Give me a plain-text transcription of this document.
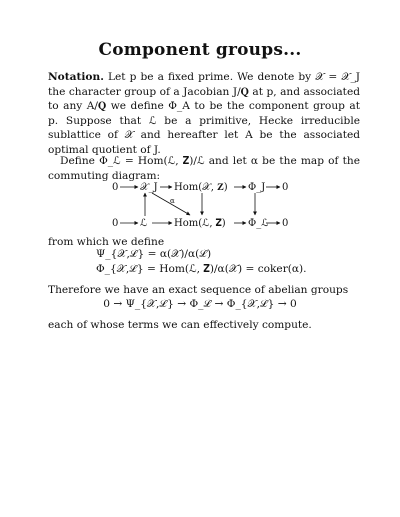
Component groups...
Notation. Let p be a fixed prime. We denote by 𝒳 = 𝒳_J the character group of a Jacobian J/𝐐 at p, and associated to any A/𝐐 we define Φ_A to be the component group at p. Suppose that ℒ be a primitive, Hecke irreducible sublattice of 𝒳 and hereafter let A be the associated optimal quotient of J.
Define Φ_ℒ = Hom(ℒ, 𝐙)/ℒ and let α be the map of the commuting diagram:
0 𝒳_J Hom(𝒳, 𝐙) Φ_J 0
α
0 ℒ	Hom(ℒ, 𝐙) Φ_ℒ 0
from which we define
Ψ_{𝒳,ℒ} = α(𝒳)/α(ℒ)
Φ_{𝒳,ℒ} = Hom(ℒ, 𝐙)/α(𝒳) = coker(α).
Therefore we have an exact sequence of abelian groups
0 → Ψ_{𝒳,ℒ} → Φ_ℒ → Φ_{𝒳,ℒ} → 0
each of whose terms we can effectively compute.
